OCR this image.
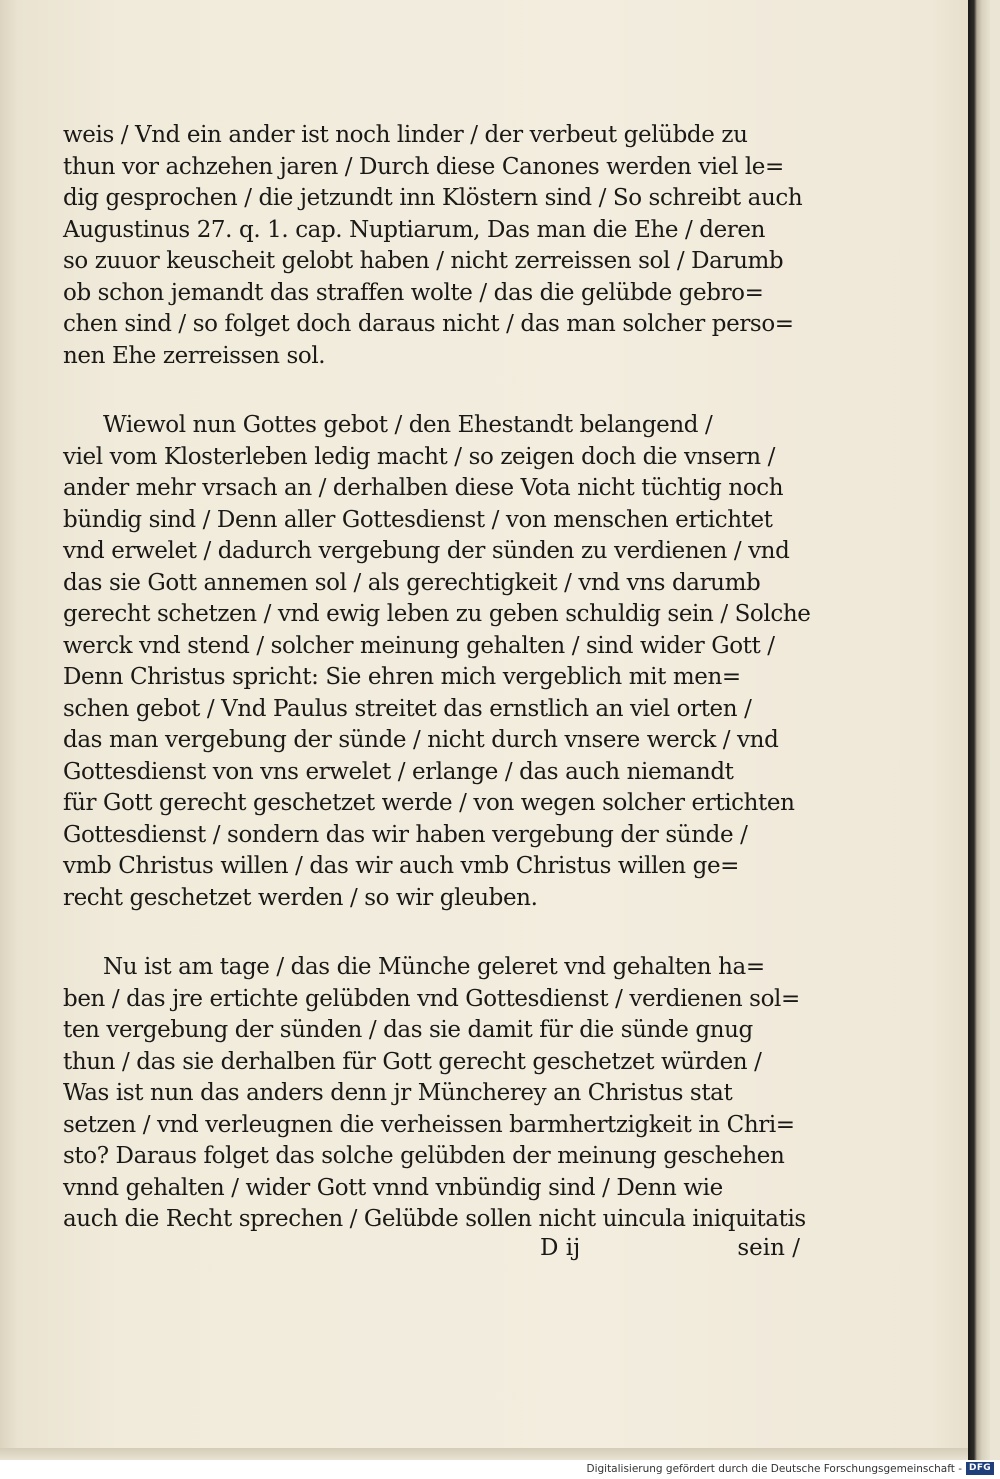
weis / Vnd ein ander ist noch linder / der verbeut gelübde zu
thun vor achzehen jaren / Durch diese Canones werden viel le=
dig gesprochen / die jetzundt inn Klöstern sind / So schreibt auch
Augustinus 27. q. 1. cap. Nuptiarum, Das man die Ehe / deren
so zuuor keuscheit gelobt haben / nicht zerreissen sol / Darumb
ob schon jemandt das straffen wolte / das die gelübde gebro=
chen sind / so folget doch daraus nicht / das man solcher perso=
nen Ehe zerreissen sol.
Wiewol nun Gottes gebot / den Ehestandt belangend /
viel vom Klosterleben ledig macht / so zeigen doch die vnsern /
ander mehr vrsach an / derhalben diese Vota nicht tüchtig noch
bündig sind / Denn aller Gottesdienst / von menschen ertichtet
vnd erwelet / dadurch vergebung der sünden zu verdienen / vnd
das sie Gott annemen sol / als gerechtigkeit / vnd vns darumb
gerecht schetzen / vnd ewig leben zu geben schuldig sein / Solche
werck vnd stend / solcher meinung gehalten / sind wider Gott /
Denn Christus spricht: Sie ehren mich vergeblich mit men=
schen gebot / Vnd Paulus streitet das ernstlich an viel orten /
das man vergebung der sünde / nicht durch vnsere werck / vnd
Gottesdienst von vns erwelet / erlange / das auch niemandt
für Gott gerecht geschetzet werde / von wegen solcher ertichten
Gottesdienst / sondern das wir haben vergebung der sünde /
vmb Christus willen / das wir auch vmb Christus willen ge=
recht geschetzet werden / so wir gleuben.
Nu ist am tage / das die Münche geleret vnd gehalten ha=
ben / das jre ertichte gelübden vnd Gottesdienst / verdienen sol=
ten vergebung der sünden / das sie damit für die sünde gnug
thun / das sie derhalben für Gott gerecht geschetzet würden /
Was ist nun das anders denn jr Müncherey an Christus stat
setzen / vnd verleugnen die verheissen barmhertzigkeit in Chri=
sto? Daraus folget das solche gelübden der meinung geschehen
vnnd gehalten / wider Gott vnnd vnbündig sind / Denn wie
auch die Recht sprechen / Gelübde sollen nicht uincula iniquitatis
D ij	sein /
Digitalisierung gefördert durch die Deutsche Forschungsgemeinschaft - DFG
